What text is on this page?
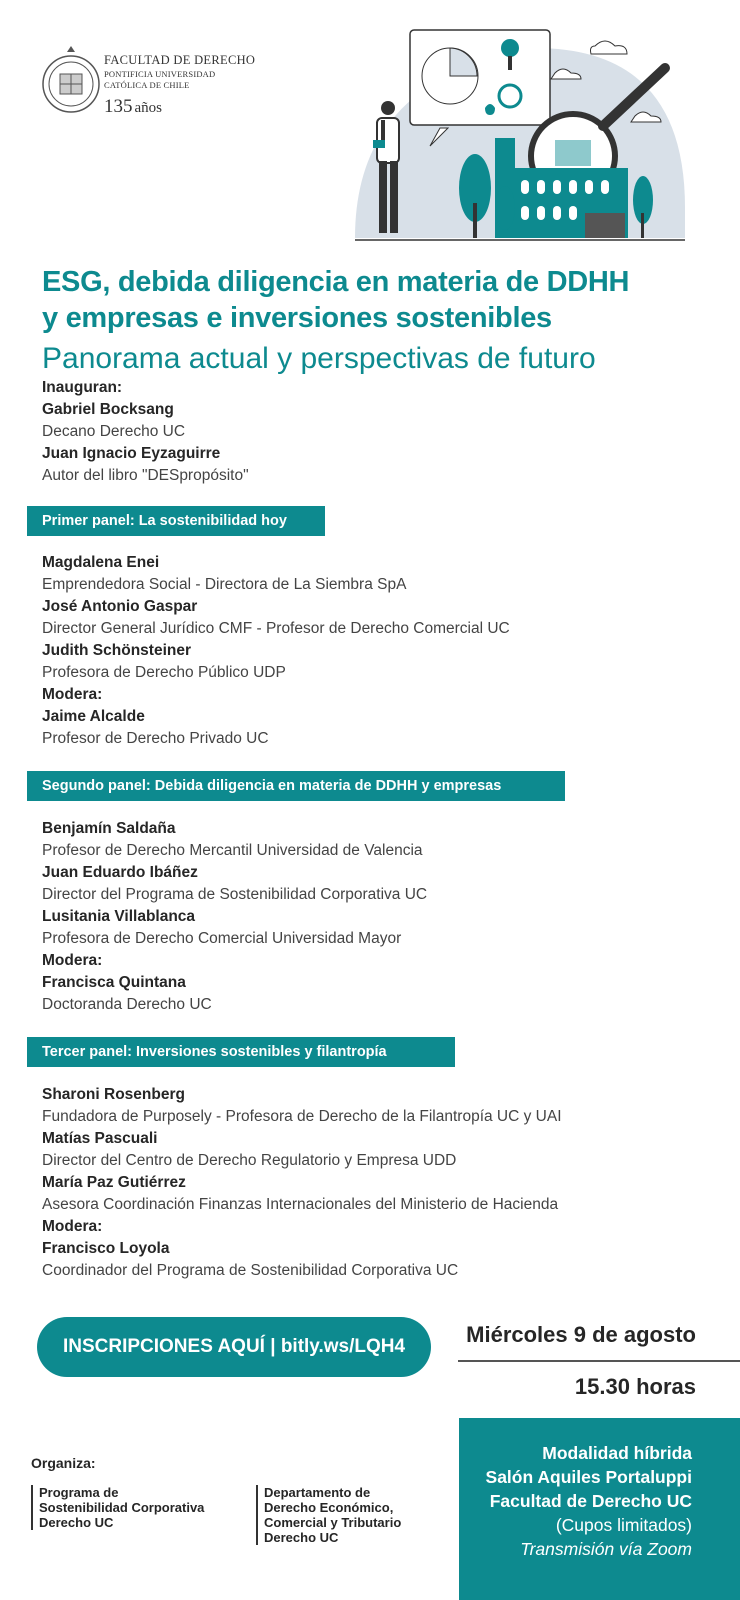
FACULTAD DE DERECHO
PONTIFICIA UNIVERSIDAD
CATÓLICA DE CHILE
135 años
ESG, debida diligencia en materia de DDHH
y empresas e inversiones sostenibles
Panorama actual y perspectivas de futuro
Inauguran:
Gabriel Bocksang
Decano Derecho UC
Juan Ignacio Eyzaguirre
Autor del libro "DESpropósito"
Primer panel: La sostenibilidad hoy
Magdalena Enei
Emprendedora Social - Directora de La Siembra SpA
José Antonio Gaspar
Director General Jurídico CMF - Profesor de Derecho Comercial UC
Judith Schönsteiner
Profesora de Derecho Público UDP
Modera:
Jaime Alcalde
Profesor de Derecho Privado UC
Segundo panel: Debida diligencia en materia de DDHH y empresas
Benjamín Saldaña
Profesor de Derecho Mercantil Universidad de Valencia
Juan Eduardo Ibáñez
Director del Programa de Sostenibilidad Corporativa UC
Lusitania Villablanca
Profesora de Derecho Comercial Universidad Mayor
Modera:
Francisca Quintana
Doctoranda Derecho UC
Tercer panel: Inversiones sostenibles y filantropía
Sharoni Rosenberg
Fundadora de Purposely - Profesora de Derecho de la Filantropía UC y UAI
Matías Pascuali
Director del Centro de Derecho Regulatorio y Empresa UDD
María Paz Gutiérrez
Asesora Coordinación Finanzas Internacionales del Ministerio de Hacienda
Modera:
Francisco Loyola
Coordinador del Programa de Sostenibilidad Corporativa UC
INSCRIPCIONES AQUÍ | bitly.ws/LQH4	Miércoles 9 de agosto
15.30 horas
Modalidad híbrida
Salón Aquiles Portaluppi
Facultad de Derecho UC
(Cupos limitados)
Transmisión vía Zoom
Organiza:
Programa de
Sostenibilidad Corporativa
Derecho UC
Departamento de
Derecho Económico,
Comercial y Tributario
Derecho UC
